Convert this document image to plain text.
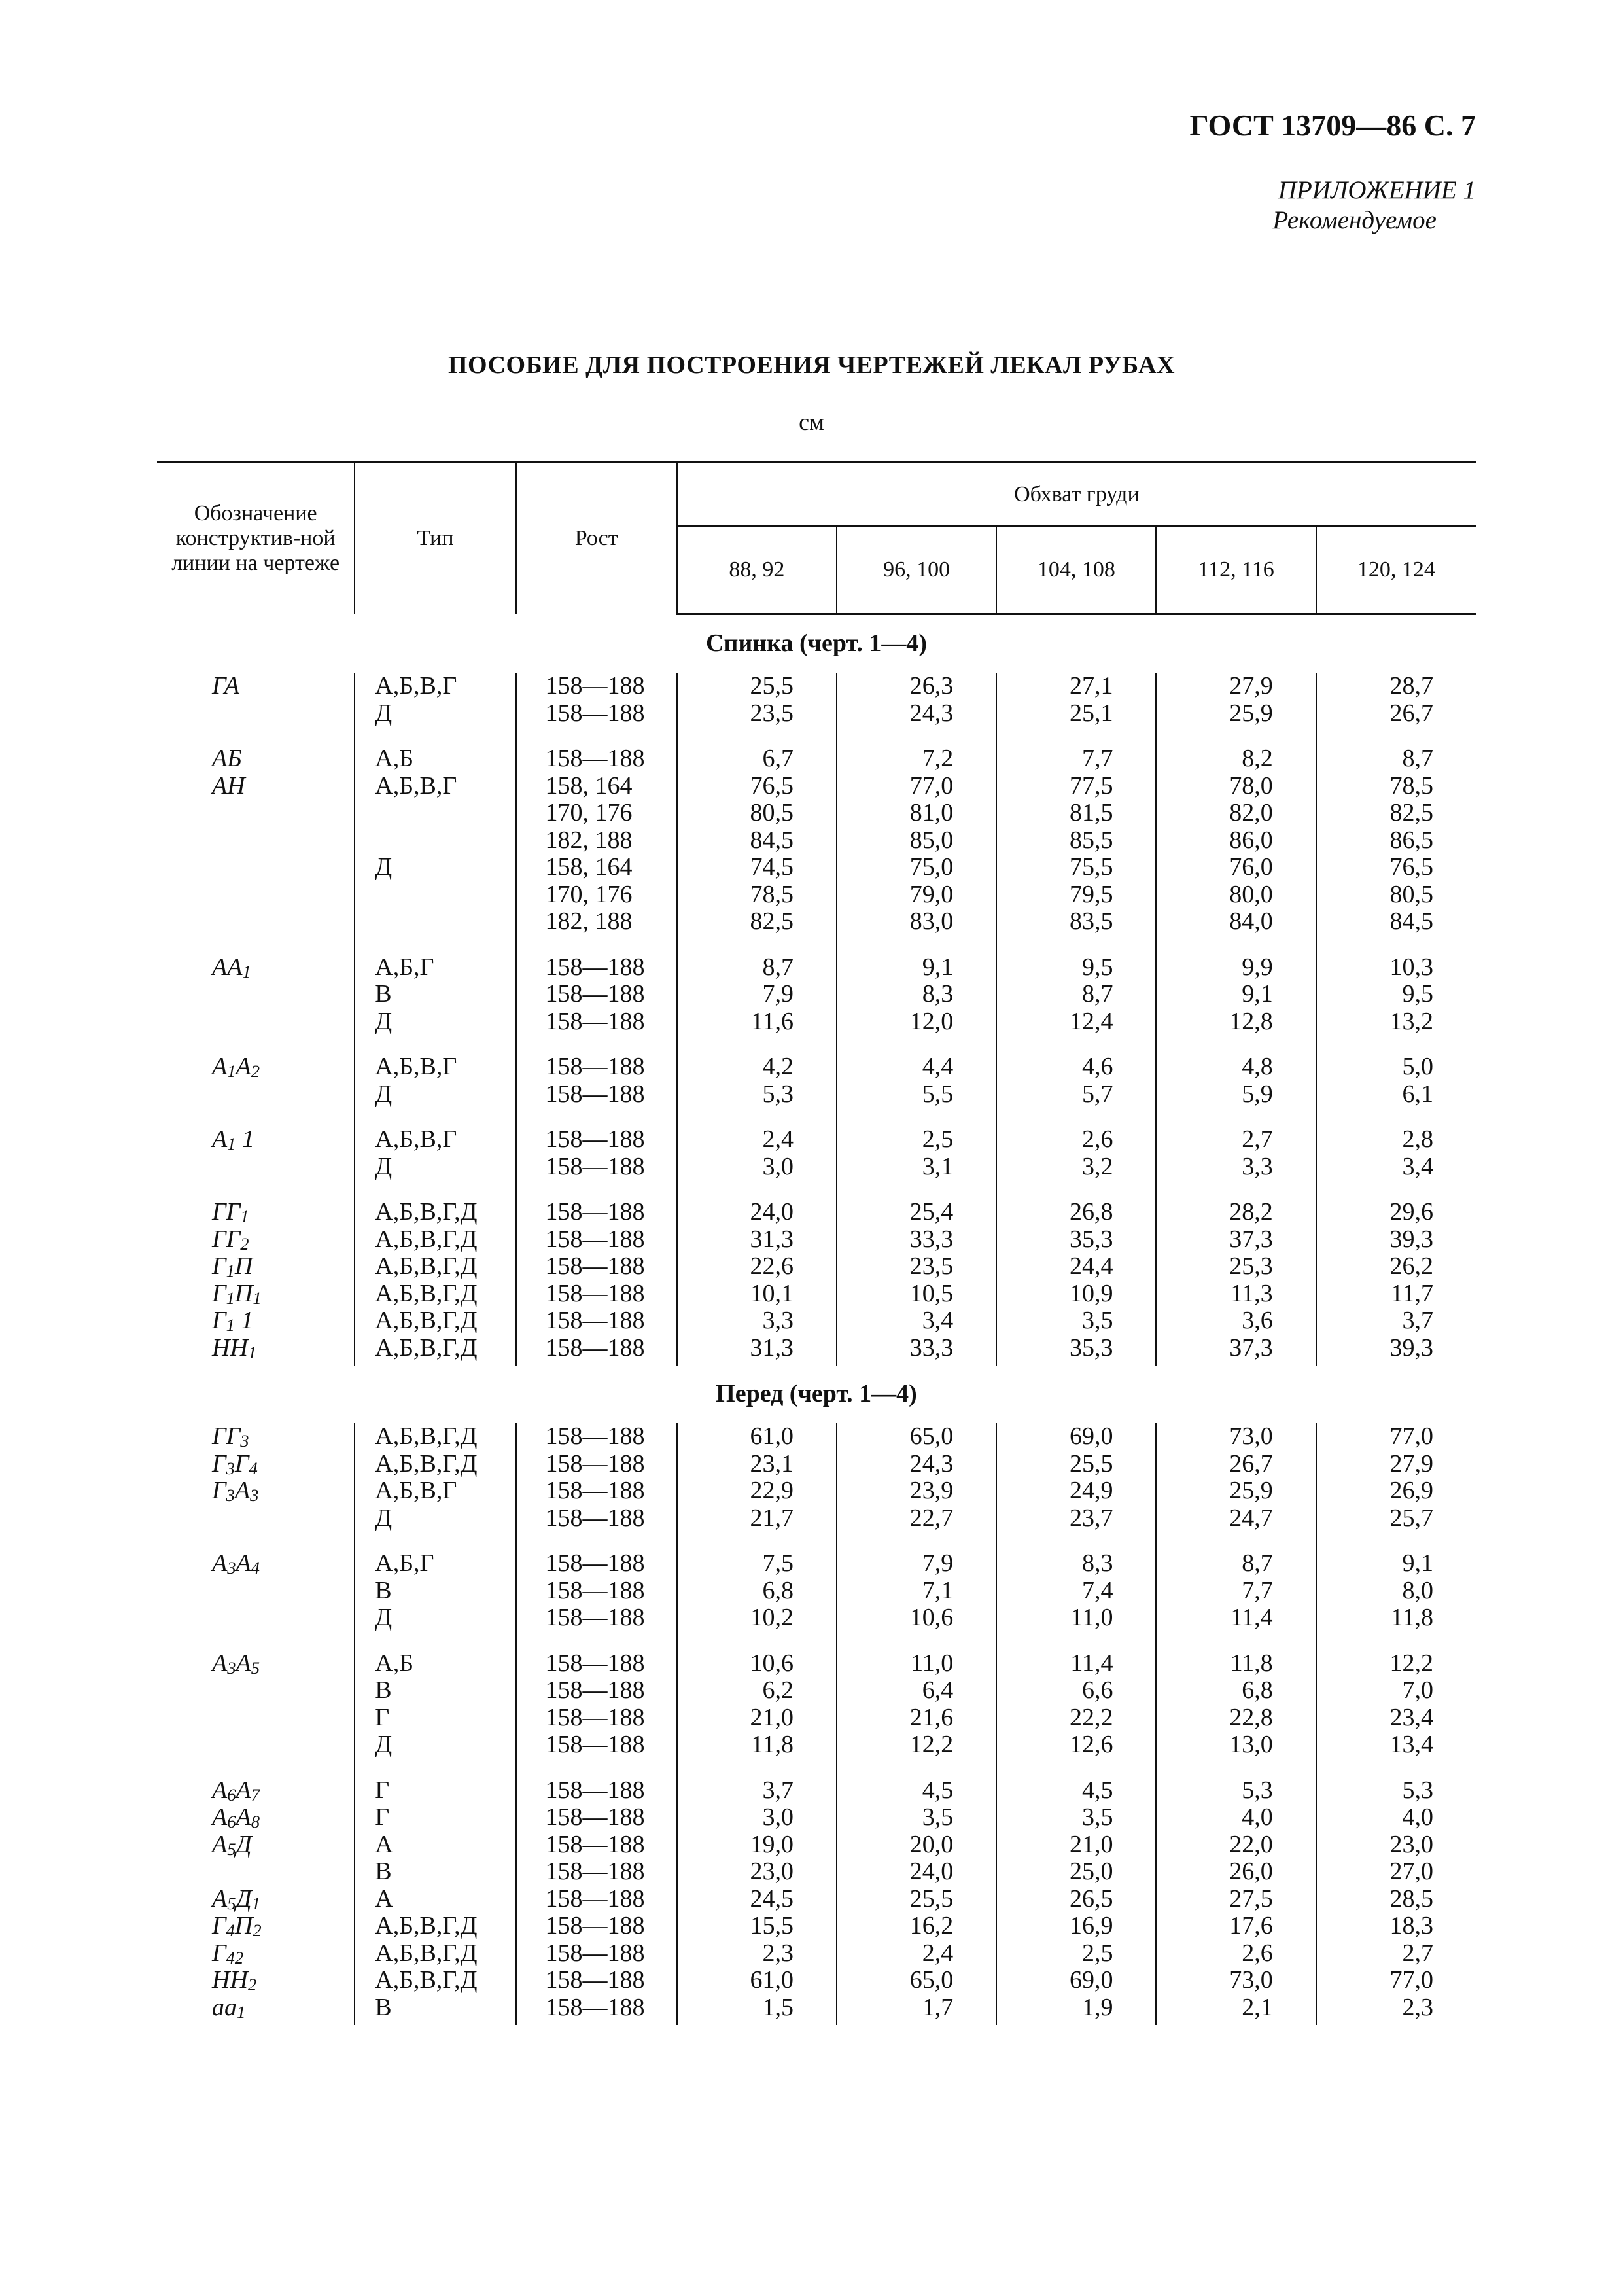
ГОСТ 13709—86 С. 7
ПРИЛОЖЕНИЕ 1
Рекомендуемое
ПОСОБИЕ ДЛЯ ПОСТРОЕНИЯ ЧЕРТЕЖЕЙ ЛЕКАЛ РУБАХ
см
Обозначение конструктив-ной линии на чертеже	Тип	Рост	Обхват груди				
			88, 92	96, 100	104, 108	112, 116	120, 124
Спинка (черт. 1—4)							
ГА	А,Б,В,Г	158—188	25,5	26,3	27,1	27,9	28,7
	Д	158—188	23,5	24,3	25,1	25,9	26,7
АБ	А,Б	158—188	6,7	7,2	7,7	8,2	8,7
АН	А,Б,В,Г	158, 164	76,5	77,0	77,5	78,0	78,5
		170, 176	80,5	81,0	81,5	82,0	82,5
		182, 188	84,5	85,0	85,5	86,0	86,5
	Д	158, 164	74,5	75,0	75,5	76,0	76,5
		170, 176	78,5	79,0	79,5	80,0	80,5
		182, 188	82,5	83,0	83,5	84,0	84,5
$АА_1$	А,Б,Г	158—188	8,7	9,1	9,5	9,9	10,3
	В	158—188	7,9	8,3	8,7	9,1	9,5
	Д	158—188	11,6	12,0	12,4	12,8	13,2
$А_1А_2$	А,Б,В,Г	158—188	4,2	4,4	4,6	4,8	5,0
	Д	158—188	5,3	5,5	5,7	5,9	6,1
$А_1$ 1	А,Б,В,Г	158—188	2,4	2,5	2,6	2,7	2,8
	Д	158—188	3,0	3,1	3,2	3,3	3,4
$ГГ_1$	А,Б,В,Г,Д	158—188	24,0	25,4	26,8	28,2	29,6
$ГГ_2$	А,Б,В,Г,Д	158—188	31,3	33,3	35,3	37,3	39,3
$Г_1П$	А,Б,В,Г,Д	158—188	22,6	23,5	24,4	25,3	26,2
$Г_1П_1$	А,Б,В,Г,Д	158—188	10,1	10,5	10,9	11,3	11,7
$Г_1$ 1	А,Б,В,Г,Д	158—188	3,3	3,4	3,5	3,6	3,7
$НН_1$	А,Б,В,Г,Д	158—188	31,3	33,3	35,3	37,3	39,3

Перед (черт. 1—4)							
$ГГ_3$	А,Б,В,Г,Д	158—188	61,0	65,0	69,0	73,0	77,0
$Г_3Г_4$	А,Б,В,Г,Д	158—188	23,1	24,3	25,5	26,7	27,9
$Г_3А_3$	А,Б,В,Г	158—188	22,9	23,9	24,9	25,9	26,9
	Д	158—188	21,7	22,7	23,7	24,7	25,7
$А_3А_4$	А,Б,Г	158—188	7,5	7,9	8,3	8,7	9,1
	В	158—188	6,8	7,1	7,4	7,7	8,0
	Д	158—188	10,2	10,6	11,0	11,4	11,8
$А_3А_5$	А,Б	158—188	10,6	11,0	11,4	11,8	12,2
	В	158—188	6,2	6,4	6,6	6,8	7,0
	Г	158—188	21,0	21,6	22,2	22,8	23,4
	Д	158—188	11,8	12,2	12,6	13,0	13,4
$А_6А_7$	Г	158—188	3,7	4,5	4,5	5,3	5,3
$А_6А_8$	Г	158—188	3,0	3,5	3,5	4,0	4,0
$А_5Д$	А	158—188	19,0	20,0	21,0	22,0	23,0
	В	158—188	23,0	24,0	25,0	26,0	27,0
$А_5Д_1$	А	158—188	24,5	25,5	26,5	27,5	28,5
$Г_4П_2$	А,Б,В,Г,Д	158—188	15,5	16,2	16,9	17,6	18,3
$Г_{42}$	А,Б,В,Г,Д	158—188	2,3	2,4	2,5	2,6	2,7
$НН_2$	А,Б,В,Г,Д	158—188	61,0	65,0	69,0	73,0	77,0
$аа_1$	В	158—188	1,5	1,7	1,9	2,1	2,3
